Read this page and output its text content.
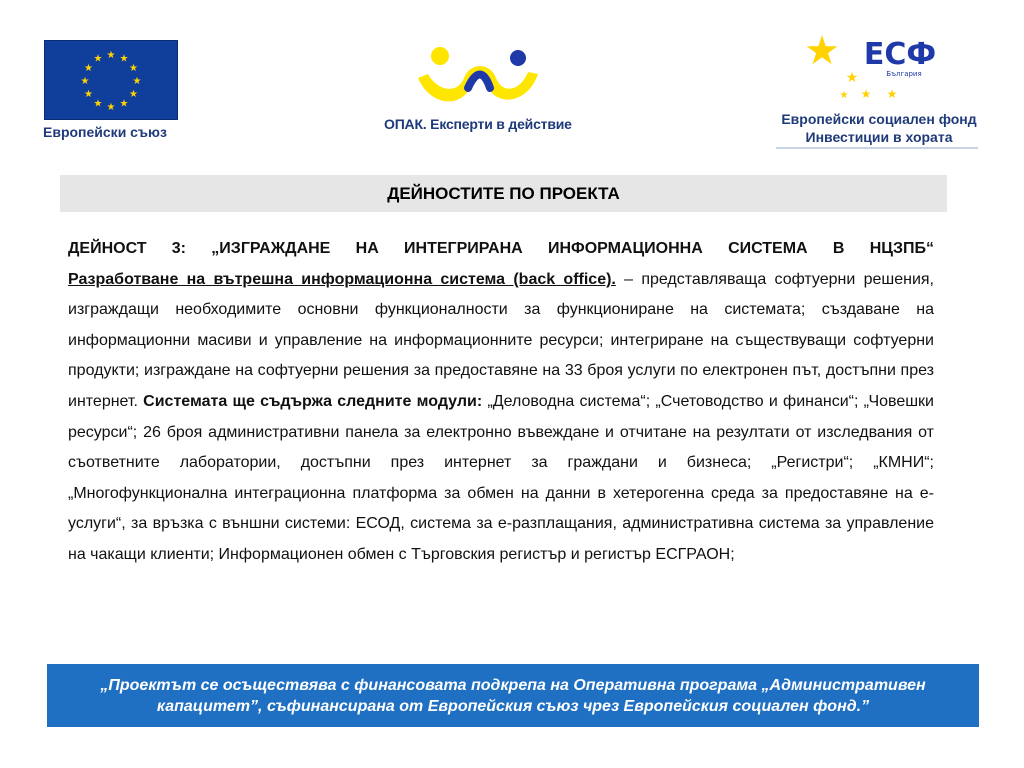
★ ★
★
★
★
★
★
★
★
★
★
★
Европейски съюз	ОПАК. Експерти в действие
★
★
★ ★
★
ЕСФ
България
Европейски социален фонд
Инвестиции в хората
ДЕЙНОСТИТЕ ПО ПРОЕКТА
ДЕЙНОСТ 3: „ИЗГРАЖДАНЕ НА ИНТЕГРИРАНА ИНФОРМАЦИОННА СИСТЕМА В НЦЗПБ“
Разработване на вътрешна информационна система (back office). – представляваща софтуерни решения, изграждащи необходимите основни функционалности за функциониране на системата; създаване на информационни масиви и управление на информационните ресурси; интегриране на съществуващи софтуерни продукти; изграждане на софтуерни решения за предоставяне на 33 броя услуги по електронен път, достъпни през интернет. Системата ще съдържа следните модули: „Деловодна система“; „Счетоводство и финанси“; „Човешки ресурси“; 26 броя административни панела за електронно въвеждане и отчитане на резултати от изследвания от съответните лаборатории, достъпни през интернет за граждани и бизнеса; „Регистри“; „КМНИ“; „Многофункционална интеграционна платформа за обмен на данни в хетерогенна среда за предоставяне на е-услуги“, за връзка с външни системи: ЕСОД, система за е-разплащания, административна система за управление на чакащи клиенти; Информационен обмен с Търговския регистър и регистър ЕСГРАОН;
„Проектът се осъществява с финансовата подкрепа на Оперативна програма „Административен капацитет”, съфинансирана от Европейския съюз чрез Европейския социален фонд.”
